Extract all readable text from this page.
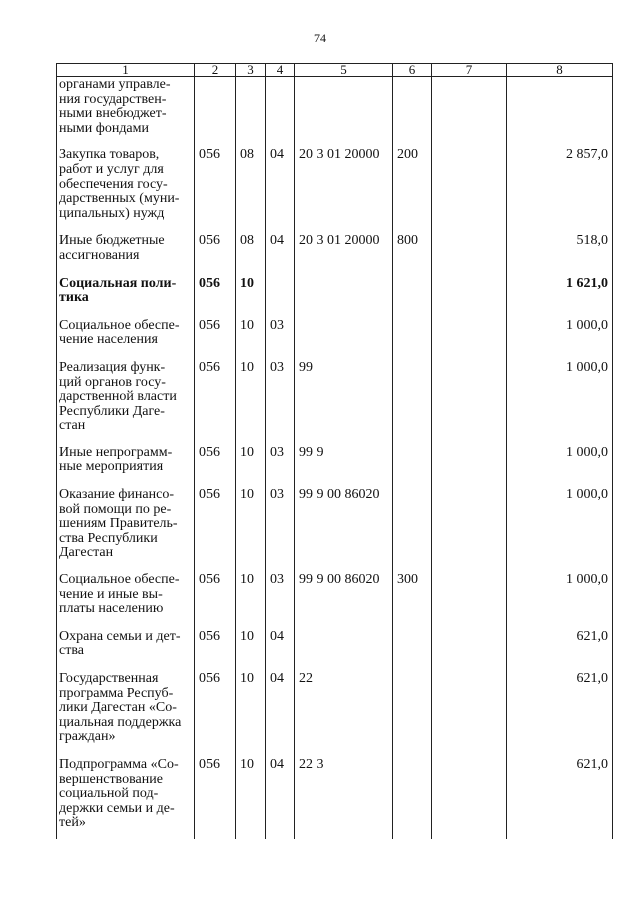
74
1	2	3	4	5	6	7	8
органами управле-
ния государствен-
ными внебюджет-
ными фондами							
Закупка товаров,
работ и услуг для
обеспечения госу-
дарственных (муни-
ципальных) нужд	056	08	04	20 3 01 20000	200		2 857,0
Иные бюджетные
ассигнования	056	08	04	20 3 01 20000	800		518,0
Социальная поли-
тика	056	10					1 621,0
Социальное обеспе-
чение населения	056	10	03				1 000,0
Реализация функ-
ций органов госу-
дарственной власти
Республики Даге-
стан	056	10	03	99			1 000,0
Иные непрограмм-
ные мероприятия	056	10	03	99 9			1 000,0
Оказание финансо-
вой помощи по ре-
шениям Правитель-
ства Республики
Дагестан	056	10	03	99 9 00 86020			1 000,0
Социальное обеспе-
чение и иные вы-
платы населению	056	10	03	99 9 00 86020	300		1 000,0
Охрана семьи и дет-
ства	056	10	04				621,0
Государственная
программа Респуб-
лики Дагестан «Со-
циальная поддержка
граждан»	056	10	04	22			621,0
Подпрограмма «Со-
вершенствование
социальной под-
держки семьи и де-
тей»	056	10	04	22 3			621,0
